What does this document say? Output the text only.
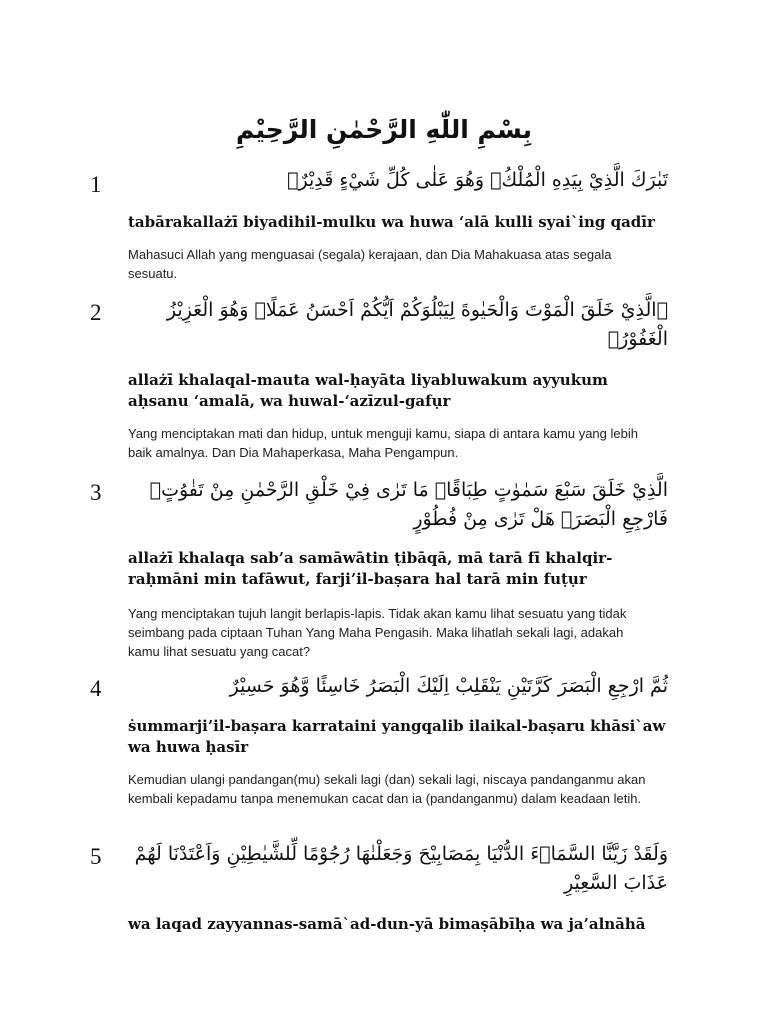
بِسْمِ اللّٰهِ الرَّحْمٰنِ الرَّحِيْمِ
1	تَبٰرَكَ الَّذِيْ بِيَدِهِ الْمُلْكُۖ وَهُوَ عَلٰى كُلِّ شَيْءٍ قَدِيْرٌۙ
tabārakallażī biyadihil-mulku wa huwa ‘alā kulli syai`ing qadīr
Mahasuci Allah yang menguasai (segala) kerajaan, dan Dia Mahakuasa atas segala sesuatu.
2	ࣙالَّذِيْ خَلَقَ الْمَوْتَ وَالْحَيٰوةَ لِيَبْلُوَكُمْ اَيُّكُمْ اَحْسَنُ عَمَلًاۗ وَهُوَ الْعَزِيْزُ الْغَفُوْرُۙ
allażī khalaqal-mauta wal-ḥayāta liyabluwakum ayyukum aḥsanu ‘amalā, wa huwal-‘azīzul-gafụr
Yang menciptakan mati dan hidup, untuk menguji kamu, siapa di antara kamu yang lebih baik amalnya. Dan Dia Mahaperkasa, Maha Pengampun.
3	الَّذِيْ خَلَقَ سَبْعَ سَمٰوٰتٍ طِبَاقًاۗ مَا تَرٰى فِيْ خَلْقِ الرَّحْمٰنِ مِنْ تَفٰوُتٍۗ فَارْجِعِ الْبَصَرَۙ هَلْ تَرٰى مِنْ فُطُوْرٍ
allażī khalaqa sab’a samāwātin ṭibāqā, mā tarā fī khalqir-raḥmāni min tafāwut, farji’il-baṣara hal tarā min fuṭụr
Yang menciptakan tujuh langit berlapis-lapis. Tidak akan kamu lihat sesuatu yang tidak seimbang pada ciptaan Tuhan Yang Maha Pengasih. Maka lihatlah sekali lagi, adakah kamu lihat sesuatu yang cacat?
4	ثُمَّ ارْجِعِ الْبَصَرَ كَرَّتَيْنِ يَنْقَلِبْ اِلَيْكَ الْبَصَرُ خَاسِئًا وَّهُوَ حَسِيْرٌ
ṡummarji’il-baṣara karrataini yangqalib ilaikal-baṣaru khāsi`aw wa huwa ḥasīr
Kemudian ulangi pandangan(mu) sekali lagi (dan) sekali lagi, niscaya pandanganmu akan kembali kepadamu tanpa menemukan cacat dan ia (pandanganmu) dalam keadaan letih.
5	وَلَقَدْ زَيَّنَّا السَّمَاۤءَ الدُّنْيَا بِمَصَابِيْحَ وَجَعَلْنٰهَا رُجُوْمًا لِّلشَّيٰطِيْنِ وَاَعْتَدْنَا لَهُمْ عَذَابَ السَّعِيْرِ
wa laqad zayyannas-samā`ad-dun-yā bimaṣābīḥa wa ja’alnāhā
